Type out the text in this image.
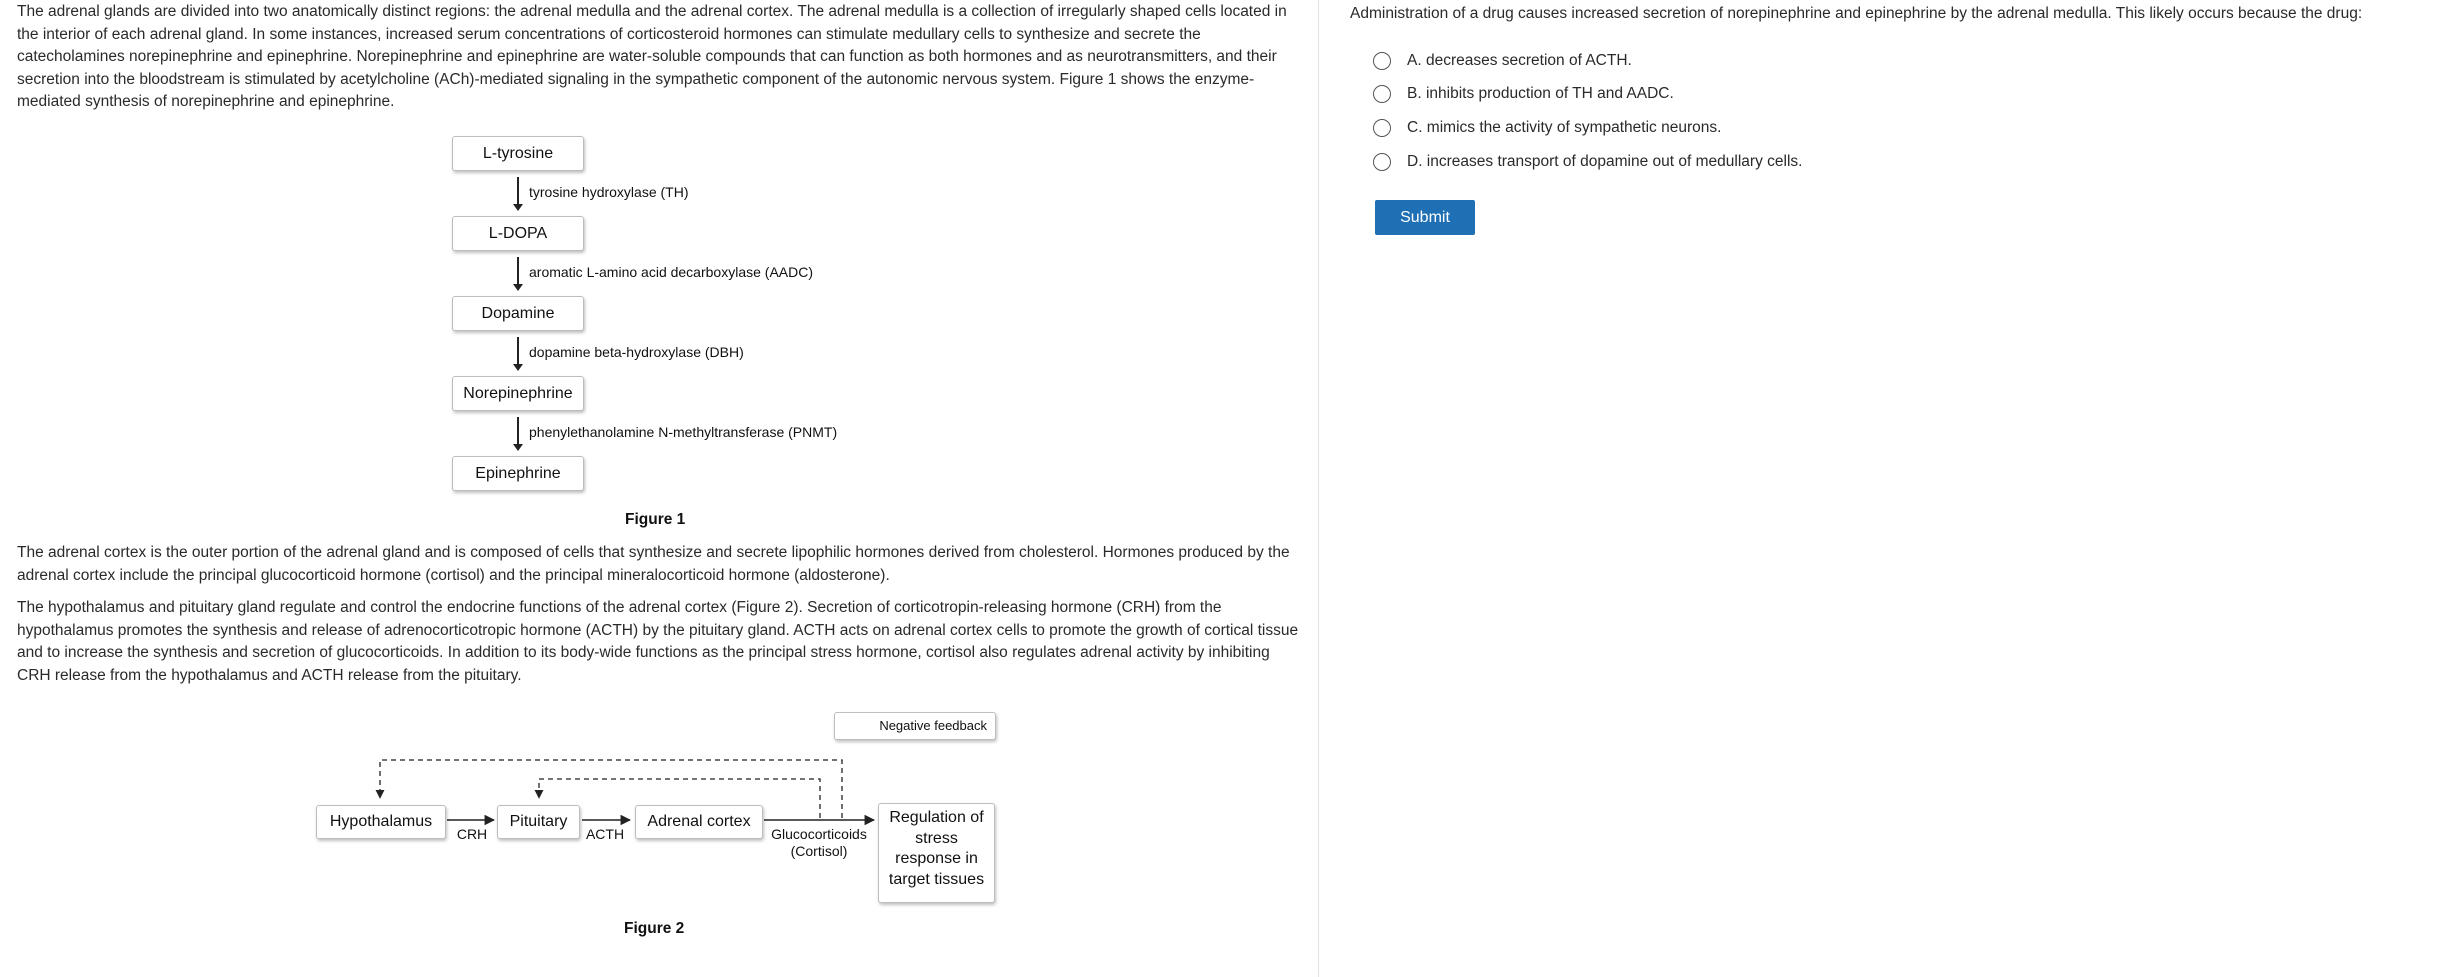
The adrenal glands are divided into two anatomically distinct regions: the adrenal medulla and the adrenal cortex. The adrenal medulla is a collection of irregularly shaped cells located in the interior of each adrenal gland. In some instances, increased serum concentrations of corticosteroid hormones can stimulate medullary cells to synthesize and secrete the catecholamines norepinephrine and epinephrine. Norepinephrine and epinephrine are water-soluble compounds that can function as both hormones and as neurotransmitters, and their secretion into the bloodstream is stimulated by acetylcholine (ACh)-mediated signaling in the sympathetic component of the autonomic nervous system. Figure 1 shows the enzyme-mediated synthesis of norepinephrine and epinephrine.

L-tyrosine
tyrosine hydroxylase (TH)
L-DOPA
aromatic L-amino acid decarboxylase (AADC)
Dopamine
dopamine beta-hydroxylase (DBH)
Norepinephrine
phenylethanolamine N-methyltransferase (PNMT)
Epinephrine
Figure 1

The adrenal cortex is the outer portion of the adrenal gland and is composed of cells that synthesize and secrete lipophilic hormones derived from cholesterol. Hormones produced by the adrenal cortex include the principal glucocorticoid hormone (cortisol) and the principal mineralocorticoid hormone (aldosterone).

The hypothalamus and pituitary gland regulate and control the endocrine functions of the adrenal cortex (Figure 2). Secretion of corticotropin-releasing hormone (CRH) from the hypothalamus promotes the synthesis and release of adrenocorticotropic hormone (ACTH) by the pituitary gland. ACTH acts on adrenal cortex cells to promote the growth of cortical tissue and to increase the synthesis and secretion of glucocorticoids. In addition to its body-wide functions as the principal stress hormone, cortisol also regulates adrenal activity by inhibiting CRH release from the hypothalamus and ACTH release from the pituitary.

Negative feedback
Hypothalamus	Pituitary	Adrenal cortex	Regulation of stress response in target tissues
CRH	ACTH	Glucocorticoids
(Cortisol)
Figure 2

Administration of a drug causes increased secretion of norepinephrine and epinephrine by the adrenal medulla. This likely occurs because the drug:

A. decreases secretion of ACTH.
B. inhibits production of TH and AADC.
C. mimics the activity of sympathetic neurons.
D. increases transport of dopamine out of medullary cells.
Submit
